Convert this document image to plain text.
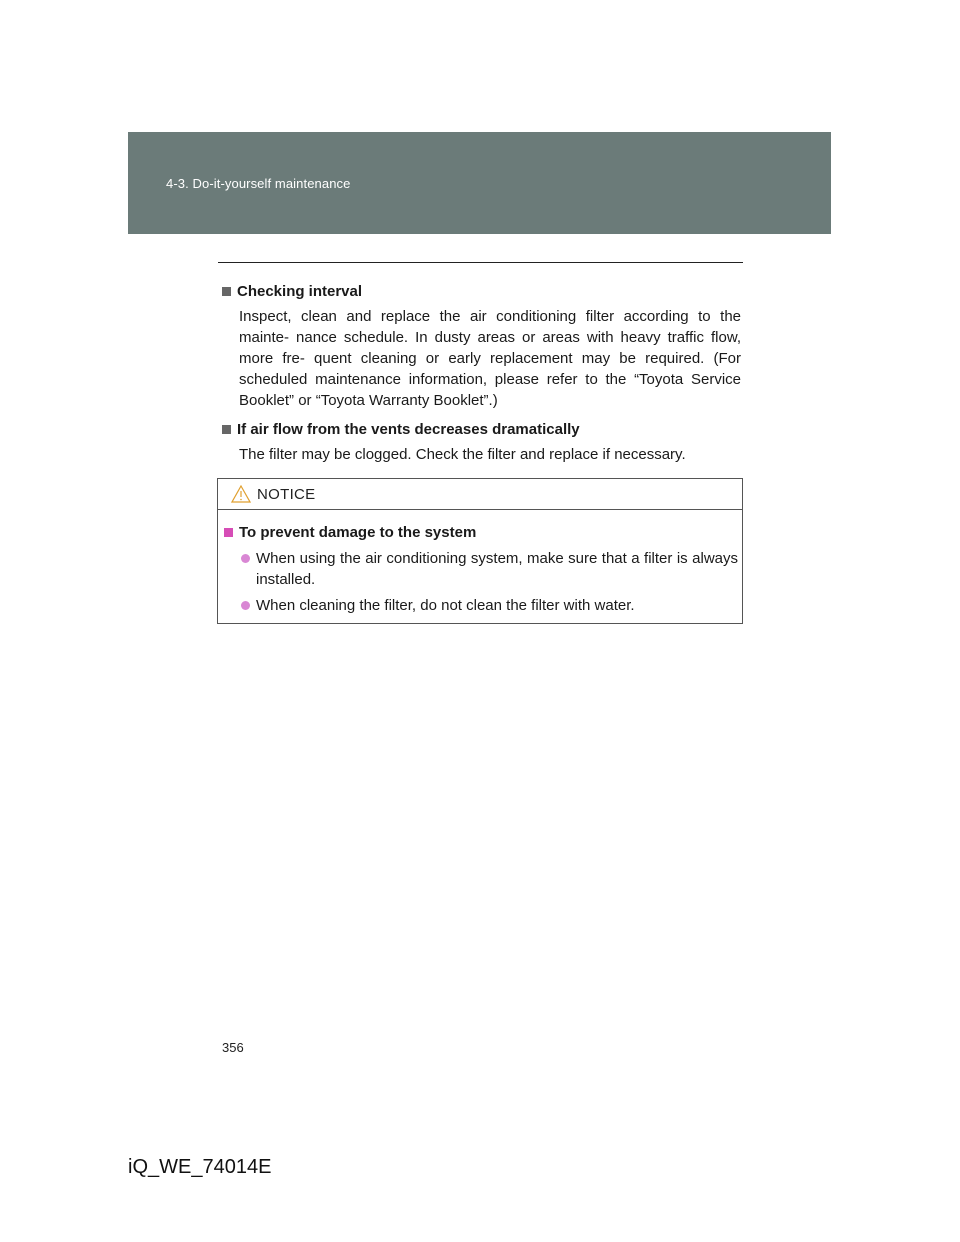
4-3. Do-it-yourself maintenance
Checking interval
Inspect, clean and replace the air conditioning filter according to the mainte- nance schedule. In dusty areas or areas with heavy traffic flow, more fre- quent cleaning or early replacement may be required. (For scheduled maintenance information, please refer to the “Toyota Service Booklet” or “Toyota Warranty Booklet”.)
If air flow from the vents decreases dramatically
The filter may be clogged. Check the filter and replace if necessary.
NOTICE
To prevent damage to the system
When using the air conditioning system, make sure that a filter is always installed.
When cleaning the filter, do not clean the filter with water.
356
iQ_WE_74014E
